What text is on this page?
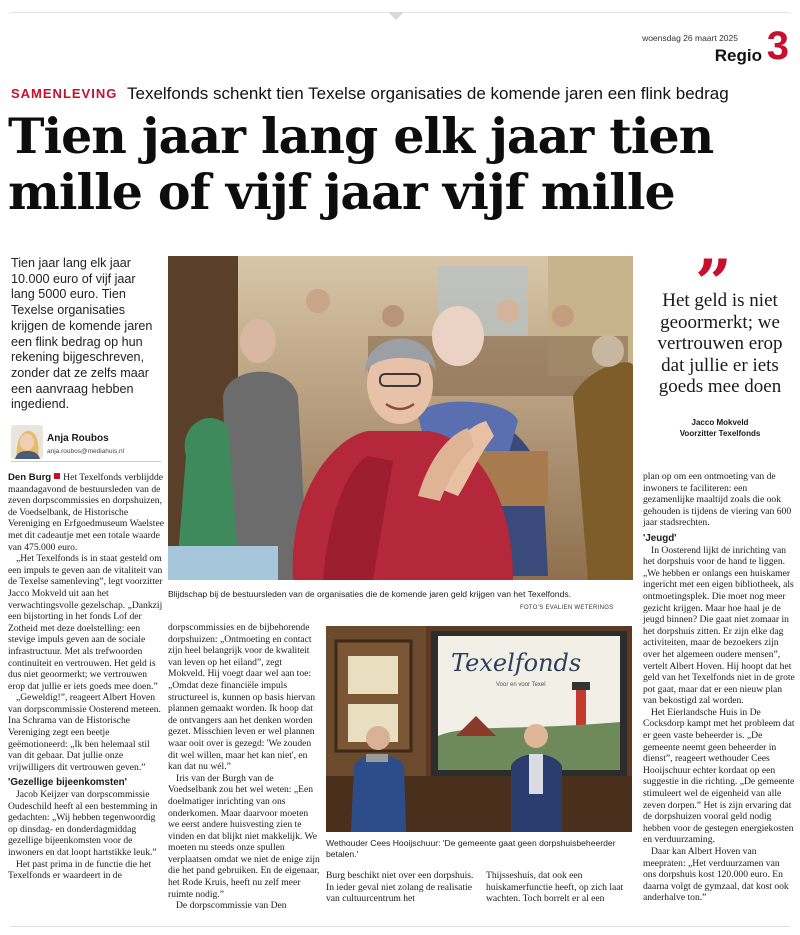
woensdag 26 maart 2025
Regio 3
SAMENLEVING Texelfonds schenkt tien Texelse organisaties de komende jaren een flink bedrag
Tien jaar lang elk jaar tien
mille of vijf jaar vijf mille
Tien jaar lang elk jaar 10.000 euro of vijf jaar lang 5000 euro. Tien Texelse organisaties krijgen de komende jaren een flink bedrag op hun rekening bijgeschreven, zonder dat ze zelfs maar een aanvraag hebben ingediend.
Anja Roubos
anja.roubos@mediahuis.nl

Den Burg Het Texelfonds verblijdde maandagavond de bestuursleden van de zeven dorpscommissies en dorpshuizen, de Voedselbank, de Historische Vereniging en Erfgoedmuseum Waelstee met dit cadeautje met een totale waarde van 475.000 euro.

„Het Texelfonds is in staat gesteld om een impuls te geven aan de vitaliteit van de Texelse samenleving”, legt voorzitter Jacco Mokveld uit aan het verwachtingsvolle gezelschap. „Dankzij een bijstorting in het fonds Lof der Zotheid met deze doelstelling: een stevige impuls geven aan de sociale infrastructuur. Met als trefwoorden continuïteit en vertrouwen. Het geld is dus niet geoormerkt; we vertrouwen erop dat jullie er iets goeds mee doen.”

„Geweldig!”, reageert Albert Hoven van dorpscommissie Oosterend meteen. Ina Schrama van de Historische Vereniging zegt een beetje geëmotioneerd: „Ik ben helemaal stil van dit gebaar. Dat jullie onze vrijwilligers dit vertrouwen geven.”

'Gezellige bijeenkomsten'

Jacob Keijzer van dorpscommissie Oudeschild heeft al een bestemming in gedachten: „Wij hebben tegenwoordig op dinsdag- en donderdagmiddag gezellige bijeenkomsten voor de inwoners en dat loopt hartstikke leuk.”

Het past prima in de functie die het Texelfonds er waardeert in de

Blijdschap bij de bestuursleden van de organisaties die de komende jaren geld krijgen van het Texelfonds.
FOTO'S EVALIEN WETERINGS
”
Het geld is niet geoormerkt; we vertrouwen erop dat jullie er iets goeds mee doen
Jacco Mokveld
Voorzitter Texelfonds

dorpscommissies en de bijbehorende dorpshuizen: „Ontmoeting en contact zijn heel belangrijk voor de kwaliteit van leven op het eiland”, zegt Mokveld. Hij voegt daar wel aan toe: „Omdat deze financiële impuls structureel is, kunnen op basis hiervan plannen gemaakt worden. Ik hoop dat de ontvangers aan het denken worden gezet. Misschien leven er wel plannen waar ooit over is gezegd: 'We zouden dit wel willen, maar het kan niet', en kan dat nu wél.”

Iris van der Burgh van de Voedselbank zou het wel weten: „Een doelmatiger inrichting van ons onderkomen. Maar daarvoor moeten we eerst andere huisvesting zien te vinden en dat blijkt niet makkelijk. We moeten nu steeds onze spullen verplaatsen omdat we niet de enige zijn die het pand gebruiken. En de eigenaar, het Rode Kruis, heeft nu zelf meer ruimte nodig.”

De dorpscommissie van Den

Texelfonds
Voor en voor Texel
Wethouder Cees Hooijschuur: 'De gemeente gaat geen dorpshuisbeheerder betalen.'

Burg beschikt niet over een dorpshuis. In ieder geval niet zolang de realisatie van cultuurcentrum het

Thijsseshuis, dat ook een huiskamerfunctie heeft, op zich laat wachten. Toch borrelt er al een

plan op om een ontmoeting van de inwoners te faciliteren: een gezamenlijke maaltijd zoals die ook gehouden is tijdens de viering van 600 jaar stadsrechten.

'Jeugd'

In Oosterend lijkt de inrichting van het dorpshuis voor de hand te liggen. „We hebben er onlangs een huiskamer ingericht met een eigen bibliotheek, als ontmoetingsplek. Die moet nog meer gezicht krijgen. Maar hoe haal je de jeugd binnen? Die gaat niet zomaar in het dorpshuis zitten. Er zijn elke dag activiteiten, maar de bezoekers zijn over het algemeen oudere mensen”, vertelt Albert Hoven. Hij hoopt dat het geld van het Texelfonds niet in de grote pot gaat, maar dat er een nieuw plan van bekostigd zal worden.

Het Eierlandsche Huis in De Cocksdorp kampt met het probleem dat er geen vaste beheerder is. „De gemeente neemt geen beheerder in dienst”, reageert wethouder Cees Hooijschuur echter kordaat op een suggestie in die richting. „De gemeente stimuleert wel de eigenheid van alle zeven dorpen.” Het is zijn ervaring dat de dorpshuizen vooral geld nodig hebben voor de gestegen energiekosten en verduurzaming.

Daar kan Albert Hoven van meepraten: „Het verduurzamen van ons dorpshuis kost 120.000 euro. En daarna volgt de gymzaal, dat kost ook anderhalve ton.”
